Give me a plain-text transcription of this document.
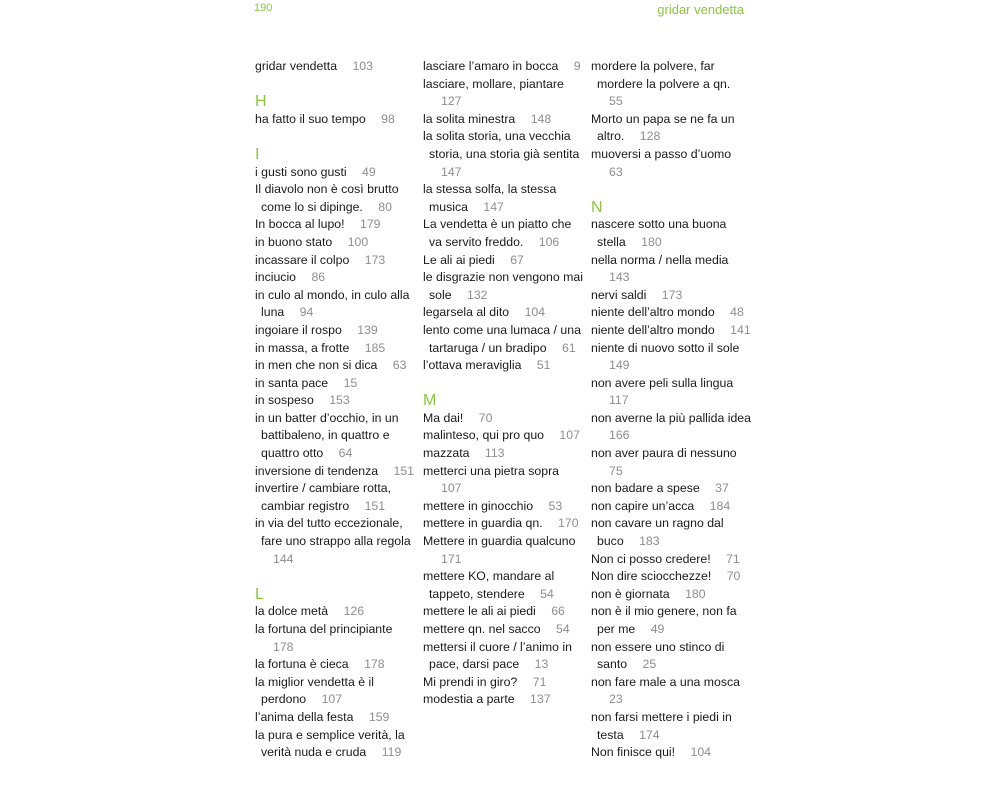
190	gridar vendetta
gridar vendetta 103
H
ha fatto il suo tempo 98
I
i gusti sono gusti 49
Il diavolo non è così brutto come lo si dipinge. 80
In bocca al lupo! 179
in buono stato 100
incassare il colpo 173
inciucio 86
in culo al mondo, in culo alla luna 94
ingoiare il rospo 139
in massa, a frotte 185
in men che non si dica 63
in santa pace 15
in sospeso 153
in un batter d’occhio, in un battibaleno, in quattro e quattro otto 64
inversione di tendenza 151
invertire / cambiare rotta, cambiar registro 151
in via del tutto eccezionale, fare uno strappo alla regola 144
L
la dolce metà 126
la fortuna del principiante 178
la fortuna è cieca 178
la miglior vendetta è il perdono 107
l’anima della festa 159
la pura e semplice verità, la verità nuda e cruda 119
lasciare l’amaro in bocca 9
lasciare, mollare, piantare 127
la solita minestra 148
la solita storia, una vecchia storia, una storia già sentita 147
la stessa solfa, la stessa musica 147
La vendetta è un piatto che va servito freddo. 106
Le ali ai piedi 67
le disgrazie non vengono mai sole 132
legarsela al dito 104
lento come una lumaca / una tartaruga / un bradipo 61
l’ottava meraviglia 51
M
Ma dai! 70
malinteso, qui pro quo 107
mazzata 113
metterci una pietra sopra 107
mettere in ginocchio 53
mettere in guardia qn. 170
Mettere in guardia qualcuno 171
mettere KO, mandare al tappeto, stendere 54
mettere le ali ai piedi 66
mettere qn. nel sacco 54
mettersi il cuore / l’animo in pace, darsi pace 13
Mi prendi in giro? 71
modestia a parte 137
mordere la polvere, far mordere la polvere a qn. 55
Morto un papa se ne fa un altro. 128
muoversi a passo d’uomo 63
N
nascere sotto una buona stella 180
nella norma / nella media 143
nervi saldi 173
niente dell’altro mondo 48
niente dell’altro mondo 141
niente di nuovo sotto il sole 149
non avere peli sulla lingua 117
non averne la più pallida idea 166
non aver paura di nessuno 75
non badare a spese 37
non capire un’acca 184
non cavare un ragno dal buco 183
Non ci posso credere! 71
Non dire sciocchezze! 70
non è giornata 180
non è il mio genere, non fa per me 49
non essere uno stinco di santo 25
non fare male a una mosca 23
non farsi mettere i piedi in testa 174
Non finisce qui! 104
